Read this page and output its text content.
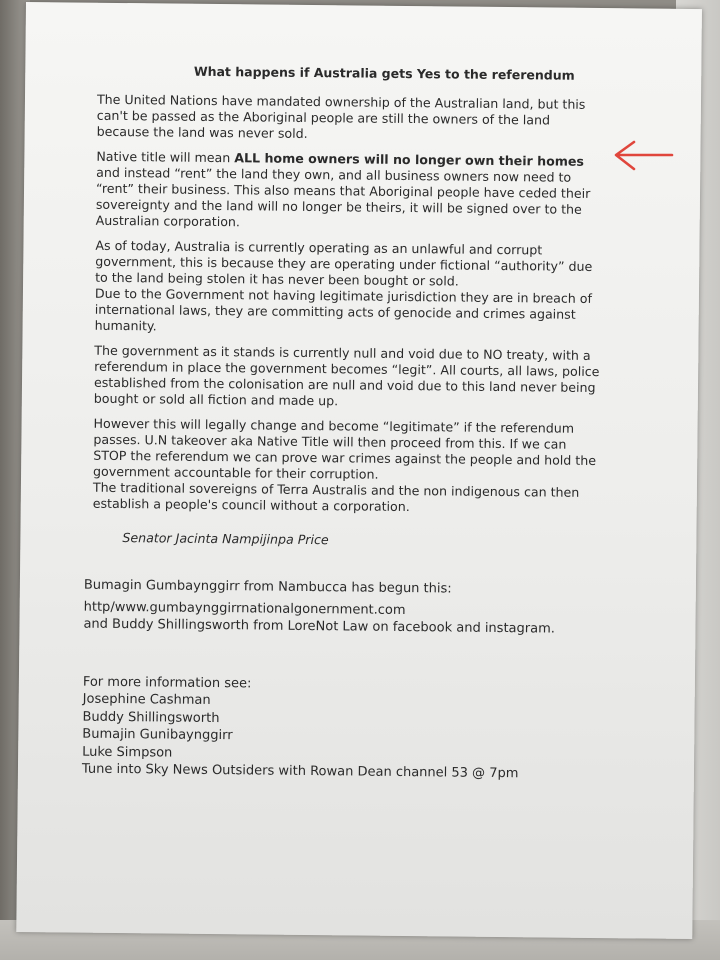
What happens if Australia gets Yes to the referendum

The United Nations have mandated ownership of the Australian land, but this
can't be passed as the Aboriginal people are still the owners of the land
because the land was never sold.

Native title will mean ALL home owners will no longer own their homes
and instead “rent” the land they own, and all business owners now need to
“rent” their business. This also means that Aboriginal people have ceded their
sovereignty and the land will no longer be theirs, it will be signed over to the
Australian corporation.

As of today, Australia is currently operating as an unlawful and corrupt
government, this is because they are operating under fictional “authority” due
to the land being stolen it has never been bought or sold.
Due to the Government not having legitimate jurisdiction they are in breach of
international laws, they are committing acts of genocide and crimes against
humanity.

The government as it stands is currently null and void due to NO treaty, with a
referendum in place the government becomes “legit”. All courts, all laws, police
established from the colonisation are null and void due to this land never being
bought or sold all fiction and made up.

However this will legally change and become “legitimate” if the referendum
passes. U.N takeover aka Native Title will then proceed from this. If we can
STOP the referendum we can prove war crimes against the people and hold the
government accountable for their corruption.
The traditional sovereigns of Terra Australis and the non indigenous can then
establish a people's council without a corporation.

Senator Jacinta Nampijinpa Price
Bumagin Gumbaynggirr from Nambucca has begun this:
http/www.gumbaynggirrnationalgonernment.com
and Buddy Shillingsworth from LoreNot Law on facebook and instagram.
For more information see:
Josephine Cashman
Buddy Shillingsworth
Bumajin Gunibaynggirr
Luke Simpson
Tune into Sky News Outsiders with Rowan Dean channel 53 @ 7pm
